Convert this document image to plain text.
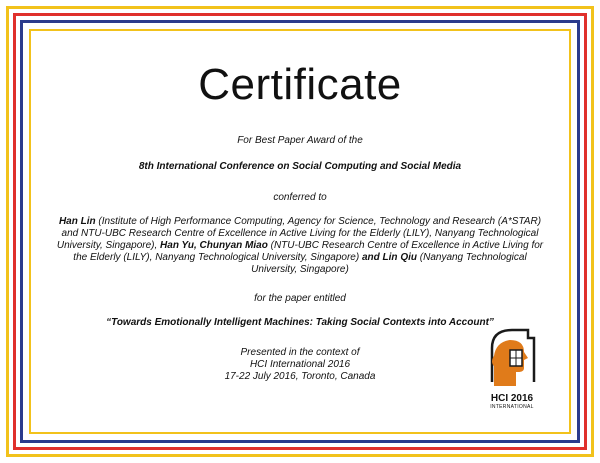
Certificate
For Best Paper Award of the
8th International Conference on Social Computing and Social Media
conferred to
Han Lin (Institute of High Performance Computing, Agency for Science, Technology and Research (A*STAR) and NTU-UBC Research Centre of Excellence in Active Living for the Elderly (LILY), Nanyang Technological University, Singapore), Han Yu, Chunyan Miao (NTU-UBC Research Centre of Excellence in Active Living for the Elderly (LILY), Nanyang Technological University, Singapore) and Lin Qiu (Nanyang Technological University, Singapore)
for the paper entitled
“Towards Emotionally Intelligent Machines: Taking Social Contexts into Account”
Presented in the context of
HCI International 2016
17-22 July 2016, Toronto, Canada
HCI 2016
INTERNATIONAL
